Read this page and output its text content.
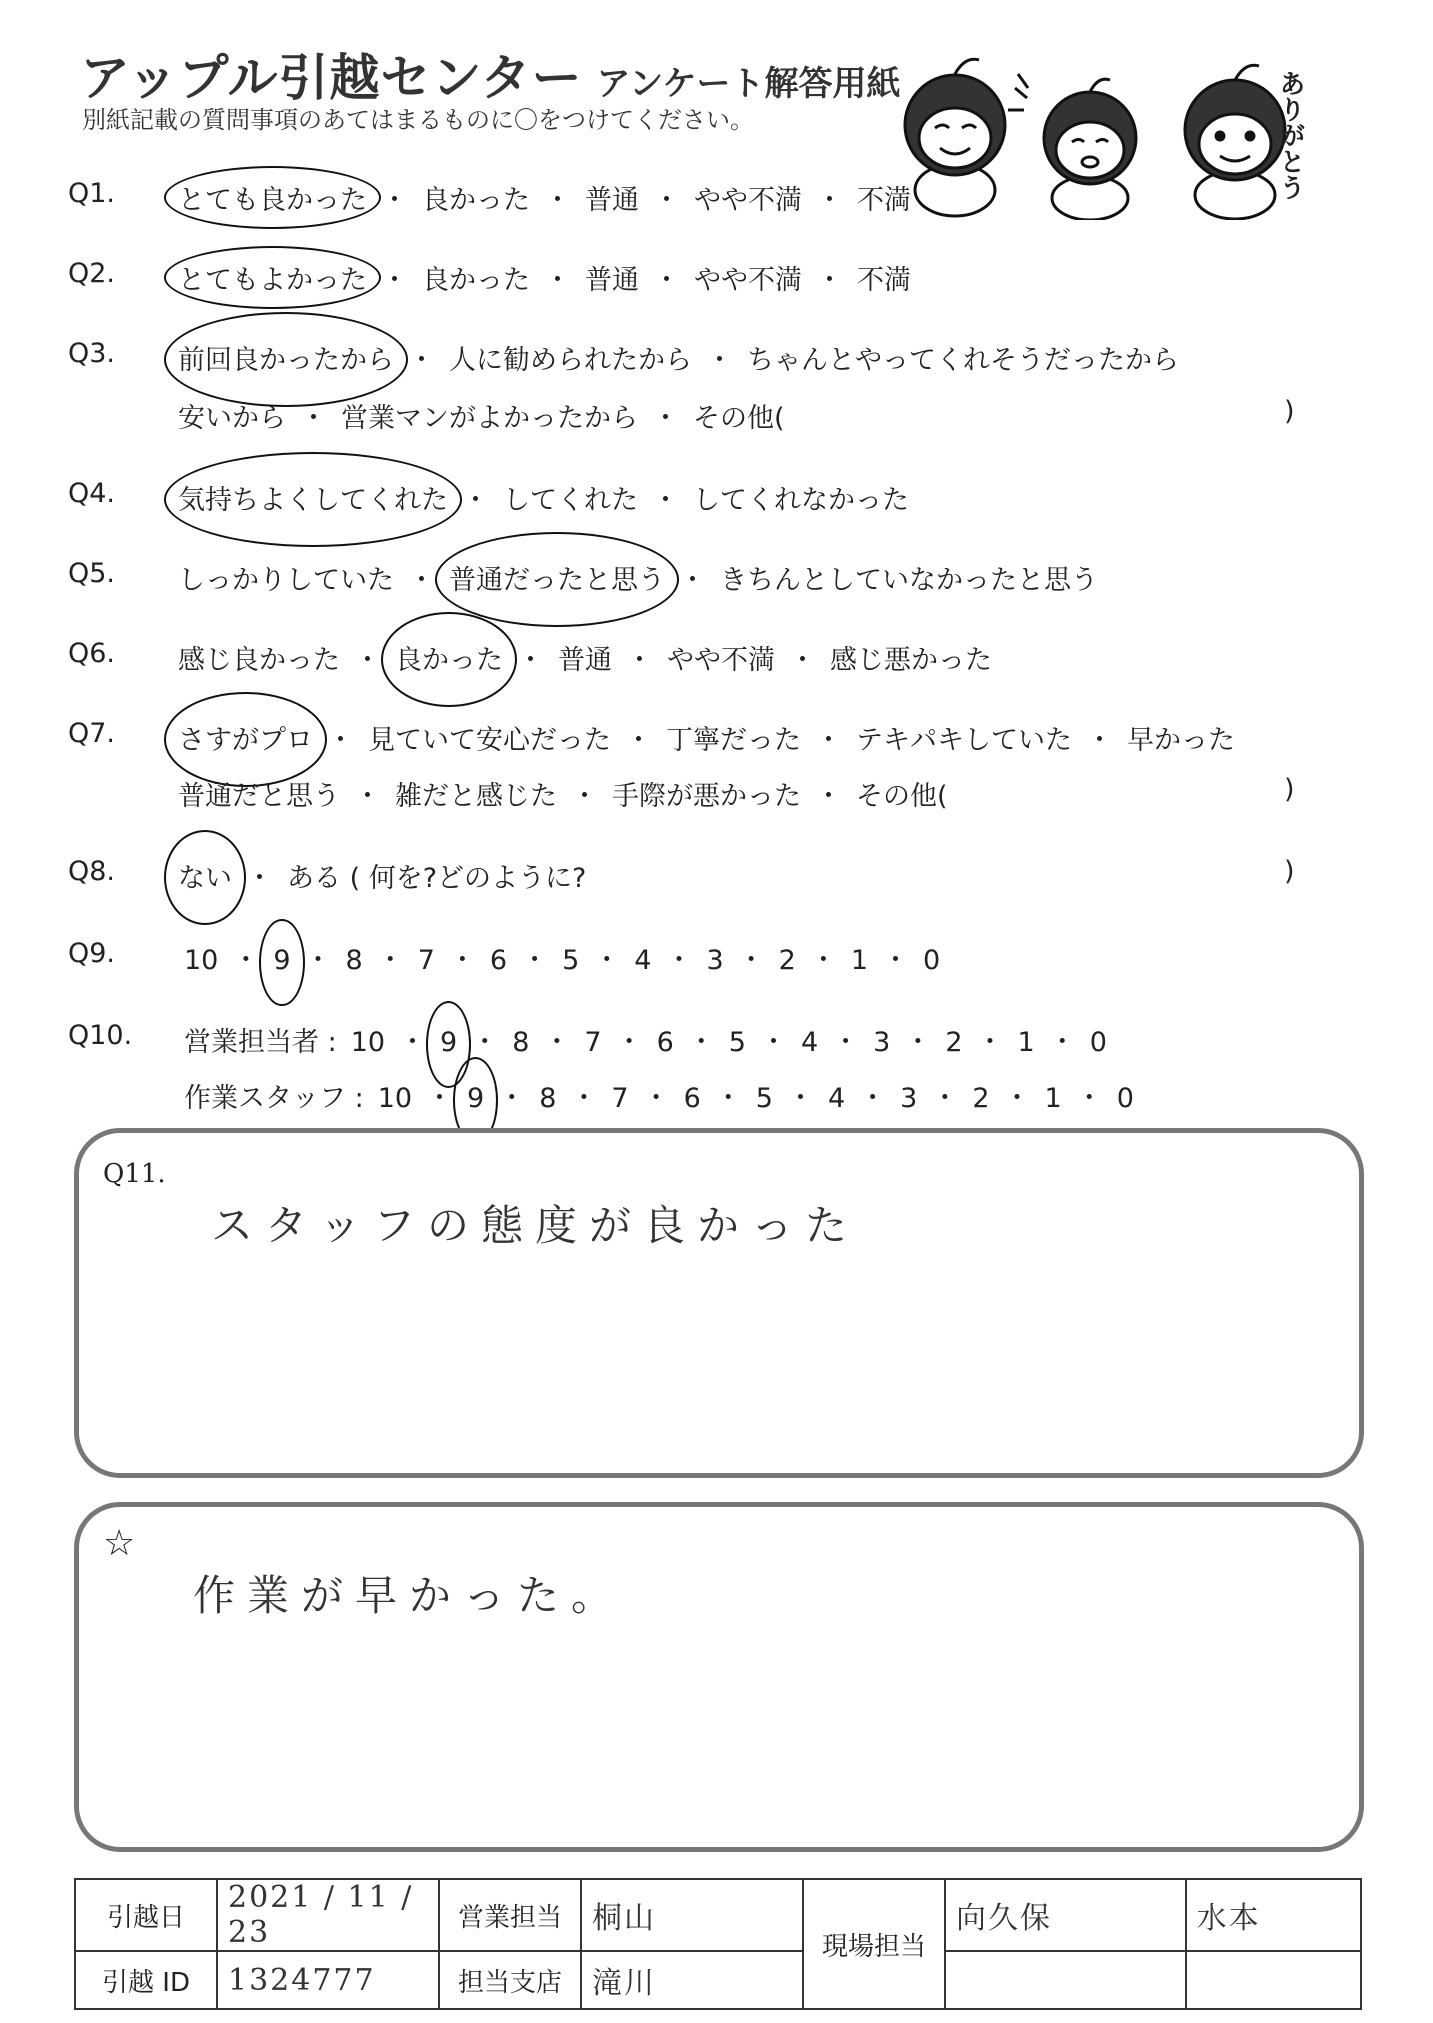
アップル引越センター アンケート解答用紙
別紙記載の質問事項のあてはまるものに〇をつけてください。	ありがとう
Q1. とても良かった ・ 良かった ・ 普通 ・ やや不満 ・ 不満
Q2. とてもよかった ・ 良かった ・ 普通 ・ やや不満 ・ 不満
Q3. 前回良かったから ・ 人に勧められたから ・ ちゃんとやってくれそうだったから
安いから ・ 営業マンがよかったから ・ その他(	)
Q4. 気持ちよくしてくれた ・ してくれた ・ してくれなかった
Q5. しっかりしていた ・ 普通だったと思う ・ きちんとしていなかったと思う
Q6. 感じ良かった ・ 良かった ・ 普通 ・ やや不満 ・ 感じ悪かった
Q7. さすがプロ ・ 見ていて安心だった ・ 丁寧だった ・ テキパキしていた ・ 早かった
普通だと思う ・ 雑だと感じた ・ 手際が悪かった ・ その他(	)
Q8. ない ・ ある ( 何を?どのように?	)
Q9.	10 ・ 9 ・ 8 ・ 7 ・ 6 ・ 5 ・ 4 ・ 3 ・ 2 ・ 1 ・ 0
Q10. 営業担当者 : 10 ・ 9 ・ 8 ・ 7 ・ 6 ・ 5 ・ 4 ・ 3 ・ 2 ・ 1 ・ 0
作業スタッフ : 10 ・ 9 ・ 8 ・ 7 ・ 6 ・ 5 ・ 4 ・ 3 ・ 2 ・ 1 ・ 0
Q11.
スタッフの態度が良かった
☆
作業が早かった。
引越日	2021 / 11 / 23	営業担当	桐山	現場担当	向久保	水本
引越 ID	1324777	担当支店	滝川			
